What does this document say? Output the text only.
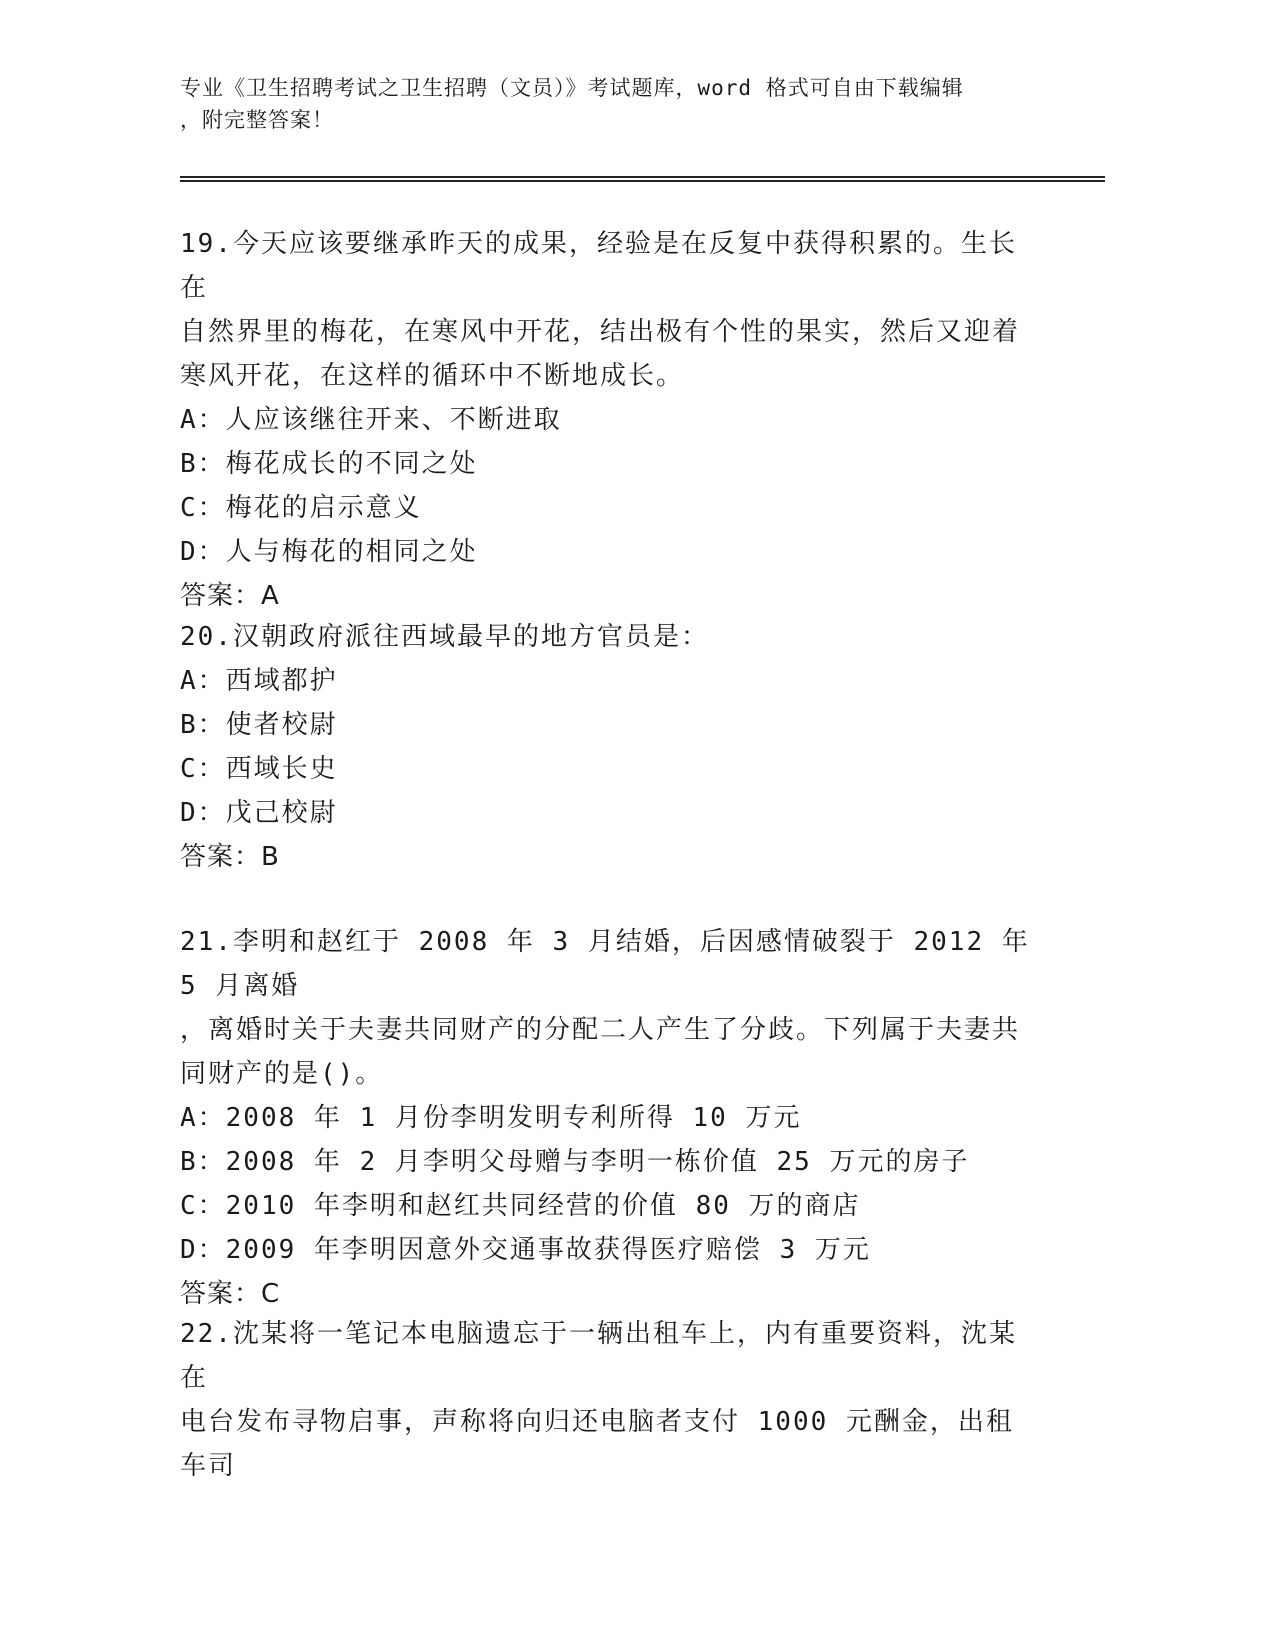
专业《卫生招聘考试之卫生招聘（文员）》考试题库，word 格式可自由下载编辑
，附完整答案！
19.今天应该要继承昨天的成果，经验是在反复中获得积累的。生长在
自然界里的梅花，在寒风中开花，结出极有个性的果实，然后又迎着
寒风开花，在这样的循环中不断地成长。
A：人应该继往开来、不断进取
B：梅花成长的不同之处
C：梅花的启示意义
D：人与梅花的相同之处
答案：A
20.汉朝政府派往西域最早的地方官员是：
A：西域都护
B：使者校尉
C：西域长史
D：戊己校尉
答案：B
21.李明和赵红于 2008 年 3 月结婚，后因感情破裂于 2012 年 5 月离婚
，离婚时关于夫妻共同财产的分配二人产生了分歧。下列属于夫妻共
同财产的是()。
A：2008 年 1 月份李明发明专利所得 10 万元
B：2008 年 2 月李明父母赠与李明一栋价值 25 万元的房子
C：2010 年李明和赵红共同经营的价值 80 万的商店
D：2009 年李明因意外交通事故获得医疗赔偿 3 万元
答案：C
22.沈某将一笔记本电脑遗忘于一辆出租车上，内有重要资料，沈某在
电台发布寻物启事，声称将向归还电脑者支付 1000 元酬金，出租车司
